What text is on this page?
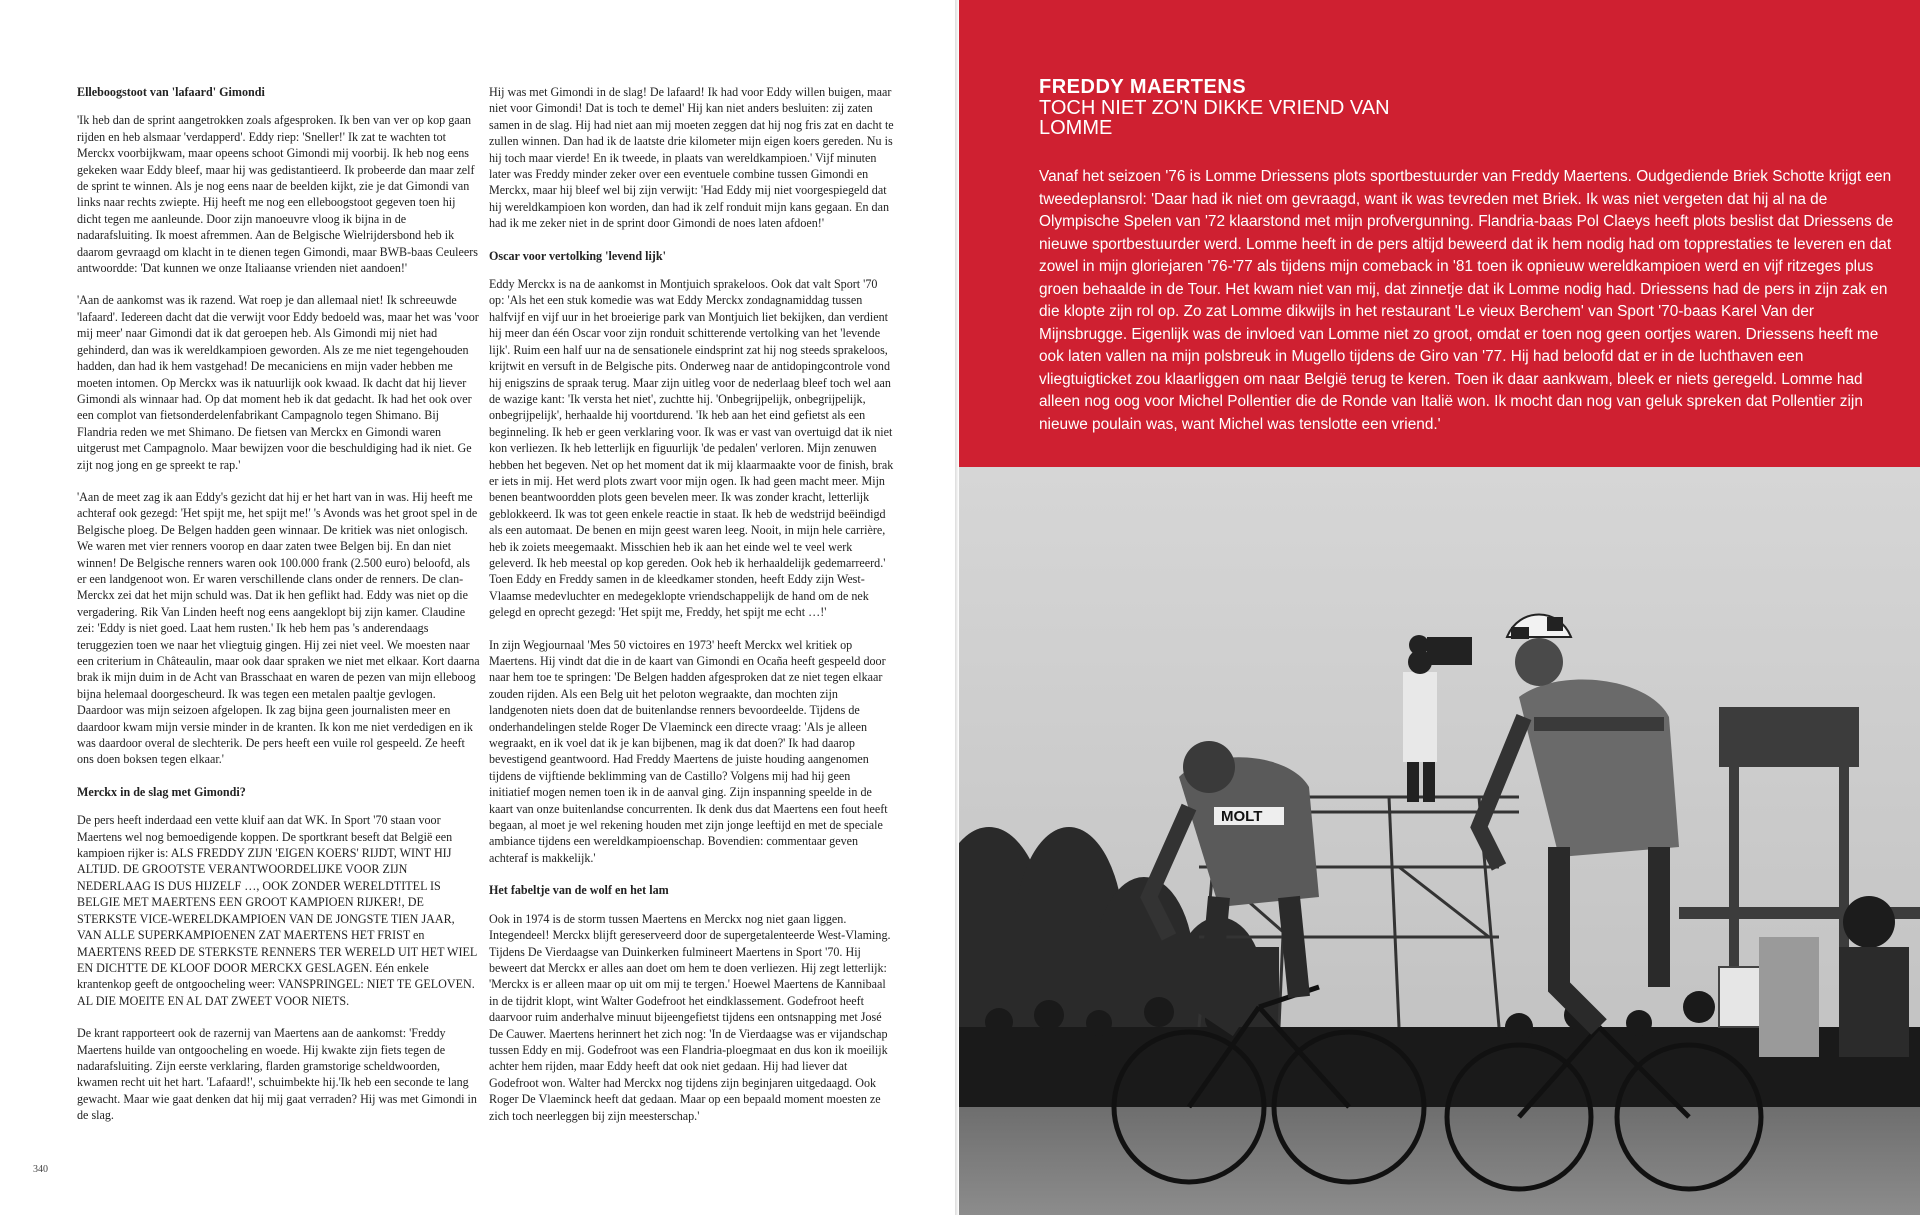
Elleboogstoot van 'lafaard' Gimondi

'Ik heb dan de sprint aangetrokken zoals afgesproken. Ik ben van ver op kop gaan rijden en heb alsmaar 'verdapperd'. Eddy riep: 'Sneller!' Ik zat te wachten tot Merckx voorbijkwam, maar opeens schoot Gimondi mij voorbij. Ik heb nog eens gekeken waar Eddy bleef, maar hij was gedistantieerd. Ik probeerde dan maar zelf de sprint te winnen. Als je nog eens naar de beelden kijkt, zie je dat Gimondi van links naar rechts zwiepte. Hij heeft me nog een elleboogstoot gegeven toen hij dicht tegen me aanleunde. Door zijn manoeuvre vloog ik bijna in de nadarafsluiting. Ik moest afremmen. Aan de Belgische Wielrijdersbond heb ik daarom gevraagd om klacht in te dienen tegen Gimondi, maar BWB-baas Ceuleers antwoordde: 'Dat kunnen we onze Italiaanse vrienden niet aandoen!'

'Aan de aankomst was ik razend. Wat roep je dan allemaal niet! Ik schreeuwde 'lafaard'. Iedereen dacht dat die verwijt voor Eddy bedoeld was, maar het was 'voor mij meer' naar Gimondi dat ik dat geroepen heb. Als Gimondi mij niet had gehinderd, dan was ik wereldkampioen geworden. Als ze me niet tegengehouden hadden, dan had ik hem vastgehad! De mecaniciens en mijn vader hebben me moeten intomen. Op Merckx was ik natuurlijk ook kwaad. Ik dacht dat hij liever Gimondi als winnaar had. Op dat moment heb ik dat gedacht. Ik had het ook over een complot van fietsonderdelenfabrikant Campagnolo tegen Shimano. Bij Flandria reden we met Shimano. De fietsen van Merckx en Gimondi waren uitgerust met Campagnolo. Maar bewijzen voor die beschuldiging had ik niet. Ge zijt nog jong en ge spreekt te rap.'

'Aan de meet zag ik aan Eddy's gezicht dat hij er het hart van in was. Hij heeft me achteraf ook gezegd: 'Het spijt me, het spijt me!' 's Avonds was het groot spel in de Belgische ploeg. De Belgen hadden geen winnaar. De kritiek was niet onlogisch. We waren met vier renners voorop en daar zaten twee Belgen bij. En dan niet winnen! De Belgische renners waren ook 100.000 frank (2.500 euro) beloofd, als er een landgenoot won. Er waren verschillende clans onder de renners. De clan-Merckx zei dat het mijn schuld was. Dat ik hen geflikt had. Eddy was niet op die vergadering. Rik Van Linden heeft nog eens aangeklopt bij zijn kamer. Claudine zei: 'Eddy is niet goed. Laat hem rusten.' Ik heb hem pas 's anderendaags teruggezien toen we naar het vliegtuig gingen. Hij zei niet veel. We moesten naar een criterium in Châteaulin, maar ook daar spraken we niet met elkaar. Kort daarna brak ik mijn duim in de Acht van Brasschaat en waren de pezen van mijn elleboog bijna helemaal doorgescheurd. Ik was tegen een metalen paaltje gevlogen. Daardoor was mijn seizoen afgelopen. Ik zag bijna geen journalisten meer en daardoor kwam mijn versie minder in de kranten. Ik kon me niet verdedigen en ik was daardoor overal de slechterik. De pers heeft een vuile rol gespeeld. Ze heeft ons doen boksen tegen elkaar.'

Merckx in de slag met Gimondi?

De pers heeft inderdaad een vette kluif aan dat WK. In Sport '70 staan voor Maertens wel nog bemoedigende koppen. De sportkrant beseft dat België een kampioen rijker is: ALS FREDDY ZIJN 'EIGEN KOERS' RIJDT, WINT HIJ ALTIJD. DE GROOTSTE VERANTWOORDELIJKE VOOR ZIJN NEDERLAAG IS DUS HIJZELF …, OOK ZONDER WERELDTITEL IS BELGIE MET MAERTENS EEN GROOT KAMPIOEN RIJKER!, DE STERKSTE VICE-WERELDKAMPIOEN VAN DE JONGSTE TIEN JAAR, VAN ALLE SUPERKAMPIOENEN ZAT MAERTENS HET FRIST en MAERTENS REED DE STERKSTE RENNERS TER WERELD UIT HET WIEL EN DICHTTE DE KLOOF DOOR MERCKX GESLAGEN. Eén enkele krantenkop geeft de ontgoocheling weer: VANSPRINGEL: NIET TE GELOVEN. AL DIE MOEITE EN AL DAT ZWEET VOOR NIETS.

De krant rapporteert ook de razernij van Maertens aan de aankomst: 'Freddy Maertens huilde van ontgoocheling en woede. Hij kwakte zijn fiets tegen de nadarafsluiting. Zijn eerste verklaring, flarden gramstorige scheldwoorden, kwamen recht uit het hart. 'Lafaard!', schuimbekte hij.'Ik heb een seconde te lang gewacht. Maar wie gaat denken dat hij mij gaat verraden? Hij was met Gimondi in de slag.

Hij was met Gimondi in de slag! De lafaard! Ik had voor Eddy willen buigen, maar niet voor Gimondi! Dat is toch te demel' Hij kan niet anders besluiten: zij zaten samen in de slag. Hij had niet aan mij moeten zeggen dat hij nog fris zat en dacht te zullen winnen. Dan had ik de laatste drie kilometer mijn eigen koers gereden. Nu is hij toch maar vierde! En ik tweede, in plaats van wereldkampioen.' Vijf minuten later was Freddy minder zeker over een eventuele combine tussen Gimondi en Merckx, maar hij bleef wel bij zijn verwijt: 'Had Eddy mij niet voorgespiegeld dat hij wereldkampioen kon worden, dan had ik zelf ronduit mijn kans gegaan. En dan had ik me zeker niet in de sprint door Gimondi de noes laten afdoen!'

Oscar voor vertolking 'levend lijk'

Eddy Merckx is na de aankomst in Montjuich sprakeloos. Ook dat valt Sport '70 op: 'Als het een stuk komedie was wat Eddy Merckx zondagnamiddag tussen halfvijf en vijf uur in het broeierige park van Montjuich liet bekijken, dan verdient hij meer dan één Oscar voor zijn ronduit schitterende vertolking van het 'levende lijk'. Ruim een half uur na de sensationele eindsprint zat hij nog steeds sprakeloos, krijtwit en versuft in de Belgische pits. Onderweg naar de antidopingcontrole vond hij enigszins de spraak terug. Maar zijn uitleg voor de nederlaag bleef toch wel aan de wazige kant: 'Ik versta het niet', zuchtte hij. 'Onbegrijpelijk, onbegrijpelijk, onbegrijpelijk', herhaalde hij voortdurend. 'Ik heb aan het eind gefietst als een beginneling. Ik heb er geen verklaring voor. Ik was er vast van overtuigd dat ik niet kon verliezen. Ik heb letterlijk en figuurlijk 'de pedalen' verloren. Mijn zenuwen hebben het begeven. Net op het moment dat ik mij klaarmaakte voor de finish, brak er iets in mij. Het werd plots zwart voor mijn ogen. Ik had geen macht meer. Mijn benen beantwoordden plots geen bevelen meer. Ik was zonder kracht, letterlijk geblokkeerd. Ik was tot geen enkele reactie in staat. Ik heb de wedstrijd beëindigd als een automaat. De benen en mijn geest waren leeg. Nooit, in mijn hele carrière, heb ik zoiets meegemaakt. Misschien heb ik aan het einde wel te veel werk geleverd. Ik heb meestal op kop gereden. Ook heb ik herhaaldelijk gedemarreerd.' Toen Eddy en Freddy samen in de kleedkamer stonden, heeft Eddy zijn West-Vlaamse medevluchter en medegeklopte vriendschappelijk de hand om de nek gelegd en oprecht gezegd: 'Het spijt me, Freddy, het spijt me echt …!'

In zijn Wegjournaal 'Mes 50 victoires en 1973' heeft Merckx wel kritiek op Maertens. Hij vindt dat die in de kaart van Gimondi en Ocaña heeft gespeeld door naar hem toe te springen: 'De Belgen hadden afgesproken dat ze niet tegen elkaar zouden rijden. Als een Belg uit het peloton wegraakte, dan mochten zijn landgenoten niets doen dat de buitenlandse renners bevoordeelde. Tijdens de onderhandelingen stelde Roger De Vlaeminck een directe vraag: 'Als je alleen wegraakt, en ik voel dat ik je kan bijbenen, mag ik dat doen?' Ik had daarop bevestigend geantwoord. Had Freddy Maertens de juiste houding aangenomen tijdens de vijftiende beklimming van de Castillo? Volgens mij had hij geen initiatief mogen nemen toen ik in de aanval ging. Zijn inspanning speelde in de kaart van onze buitenlandse concurrenten. Ik denk dus dat Maertens een fout heeft begaan, al moet je wel rekening houden met zijn jonge leeftijd en met de speciale ambiance tijdens een wereldkampioenschap. Bovendien: commentaar geven achteraf is makkelijk.'

Het fabeltje van de wolf en het lam

Ook in 1974 is de storm tussen Maertens en Merckx nog niet gaan liggen. Integendeel! Merckx blijft gereserveerd door de supergetalenteerde West-Vlaming. Tijdens De Vierdaagse van Duinkerken fulmineert Maertens in Sport '70. Hij beweert dat Merckx er alles aan doet om hem te doen verliezen. Hij zegt letterlijk: 'Merckx is er alleen maar op uit om mij te tergen.' Hoewel Maertens de Kannibaal in de tijdrit klopt, wint Walter Godefroot het eindklassement. Godefroot heeft daarvoor ruim anderhalve minuut bijeengefietst tijdens een ontsnapping met José De Cauwer. Maertens herinnert het zich nog: 'In de Vierdaagse was er vijandschap tussen Eddy en mij. Godefroot was een Flandria-ploegmaat en dus kon ik moeilijk achter hem rijden, maar Eddy heeft dat ook niet gedaan. Hij had liever dat Godefroot won. Walter had Merckx nog tijdens zijn beginjaren uitgedaagd. Ook Roger De Vlaeminck heeft dat gedaan. Maar op een bepaald moment moesten ze zich toch neerleggen bij zijn meesterschap.'

340
FREDDY MAERTENS
TOCH NIET ZO'N DIKKE VRIEND VAN LOMME
Vanaf het seizoen '76 is Lomme Driessens plots sportbestuurder van Freddy Maertens. Oudgediende Briek Schotte krijgt een tweedeplansrol: 'Daar had ik niet om gevraagd, want ik was tevreden met Briek. Ik was niet vergeten dat hij al na de Olympische Spelen van '72 klaarstond met mijn profvergunning. Flandria-baas Pol Claeys heeft plots beslist dat Driessens de nieuwe sportbestuurder werd. Lomme heeft in de pers altijd beweerd dat ik hem nodig had om topprestaties te leveren en dat zowel in mijn gloriejaren '76-'77 als tijdens mijn comeback in '81 toen ik opnieuw wereldkampioen werd en vijf ritzeges plus groen behaalde in de Tour. Het kwam niet van mij, dat zinnetje dat ik Lomme nodig had. Driessens had de pers in zijn zak en die klopte zijn rol op. Zo zat Lomme dikwijls in het restaurant 'Le vieux Berchem' van Sport '70-baas Karel Van der Mijnsbrugge. Eigenlijk was de invloed van Lomme niet zo groot, omdat er toen nog geen oortjes waren. Driessens heeft me ook laten vallen na mijn polsbreuk in Mugello tijdens de Giro van '77. Hij had beloofd dat er in de luchthaven een vliegtuigticket zou klaarliggen om naar België terug te keren. Toen ik daar aankwam, bleek er niets geregeld. Lomme had alleen nog oog voor Michel Pollentier die de Ronde van Italië won. Ik mocht dan nog van geluk spreken dat Pollentier zijn nieuwe poulain was, want Michel was tenslotte een vriend.'
MOLT
